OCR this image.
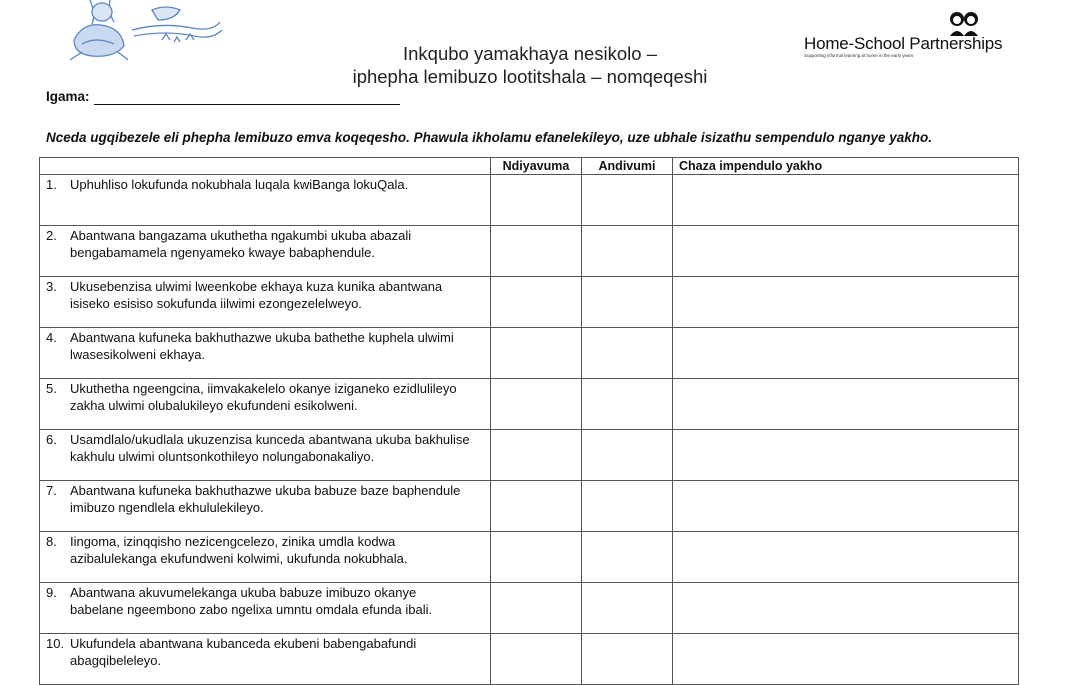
Inkqubo yamakhaya nesikolo –
iphepha lemibuzo lootitshala – nomqeqeshi
Home-School Partnerships
Supporting informal learning at home in the early years
Igama:
Nceda ugqibezele eli phepha lemibuzo emva koqeqesho. Phawula ikholamu efanelekileyo, uze ubhale isizathu sempendulo nganye yakho.
	Ndiyavuma	Andivumi	Chaza impendulo yakho

1. Uphuhliso lokufunda nokubhala luqala kwiBanga lokuQala.			

2. Abantwana bangazama ukuthetha ngakumbi ukuba abazali bengabamamela ngenyameko kwaye babaphendule.			

3. Ukusebenzisa ulwimi lweenkobe ekhaya kuza kunika abantwana isiseko esisiso sokufunda iilwimi ezongezelelweyo.			

4. Abantwana kufuneka bakhuthazwe ukuba bathethe kuphela ulwimi lwasesikolweni ekhaya.			

5. Ukuthetha ngeengcina, iimvakakelelo okanye iziganeko ezidlulileyo zakha ulwimi olubalukileyo ekufundeni esikolweni.			

6. Usamdlalo/ukudlala ukuzenzisa kunceda abantwana ukuba bakhulise kakhulu ulwimi oluntsonkothileyo nolungabonakaliyo.			

7. Abantwana kufuneka bakhuthazwe ukuba babuze baze baphendule imibuzo ngendlela ekhululekileyo.			

8. Iingoma, izinqqisho nezicengcelezo, zinika umdla kodwa azibalulekanga ekufundweni kolwimi, ukufunda nokubhala.			

9. Abantwana akuvumelekanga ukuba babuze imibuzo okanye babelane ngeembono zabo ngelixa umntu omdala efunda ibali.			

10. Ukufundela abantwana kubanceda ekubeni babengabafundi abagqibeleleyo.			
